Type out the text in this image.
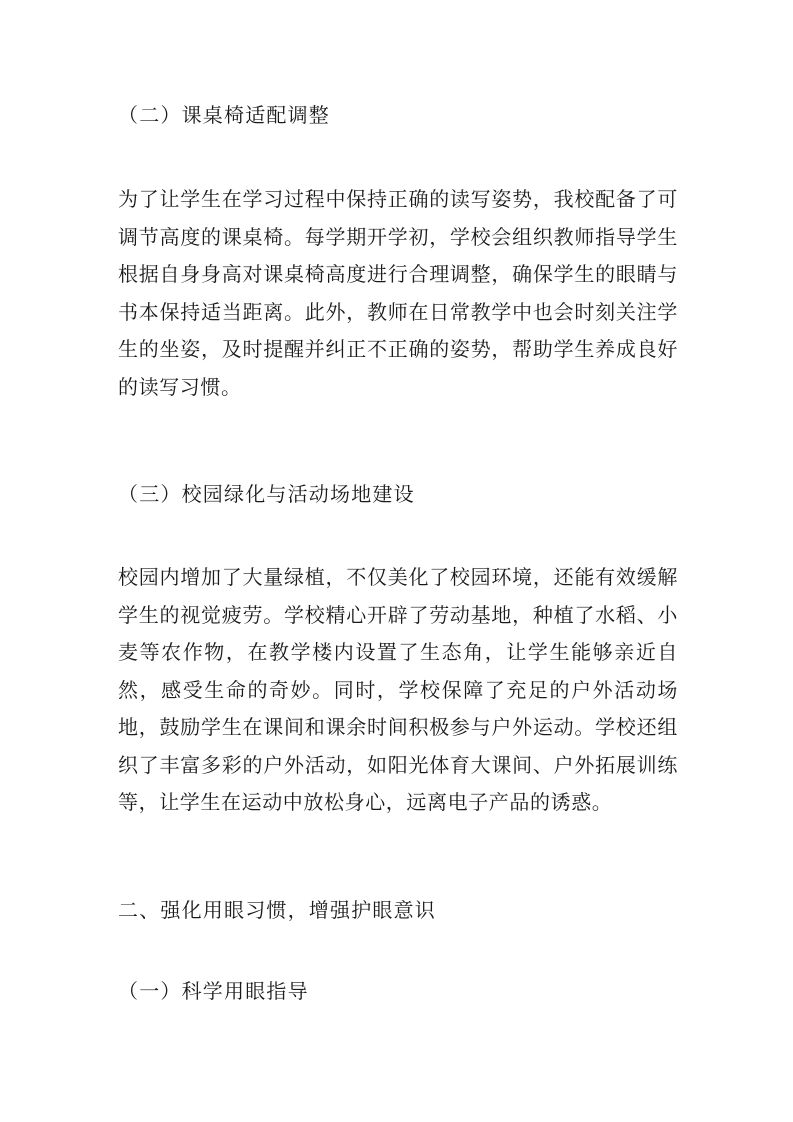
（二）课桌椅适配调整

为了让学生在学习过程中保持正确的读写姿势，我校配备了可调节高度的课桌椅。每学期开学初，学校会组织教师指导学生根据自身身高对课桌椅高度进行合理调整，确保学生的眼睛与书本保持适当距离。此外，教师在日常教学中也会时刻关注学生的坐姿，及时提醒并纠正不正确的姿势，帮助学生养成良好的读写习惯。

（三）校园绿化与活动场地建设

校园内增加了大量绿植，不仅美化了校园环境，还能有效缓解学生的视觉疲劳。学校精心开辟了劳动基地，种植了水稻、小麦等农作物，在教学楼内设置了生态角，让学生能够亲近自然，感受生命的奇妙。同时，学校保障了充足的户外活动场地，鼓励学生在课间和课余时间积极参与户外运动。学校还组织了丰富多彩的户外活动，如阳光体育大课间、户外拓展训练等，让学生在运动中放松身心，远离电子产品的诱惑。

二、强化用眼习惯，增强护眼意识

（一）科学用眼指导
